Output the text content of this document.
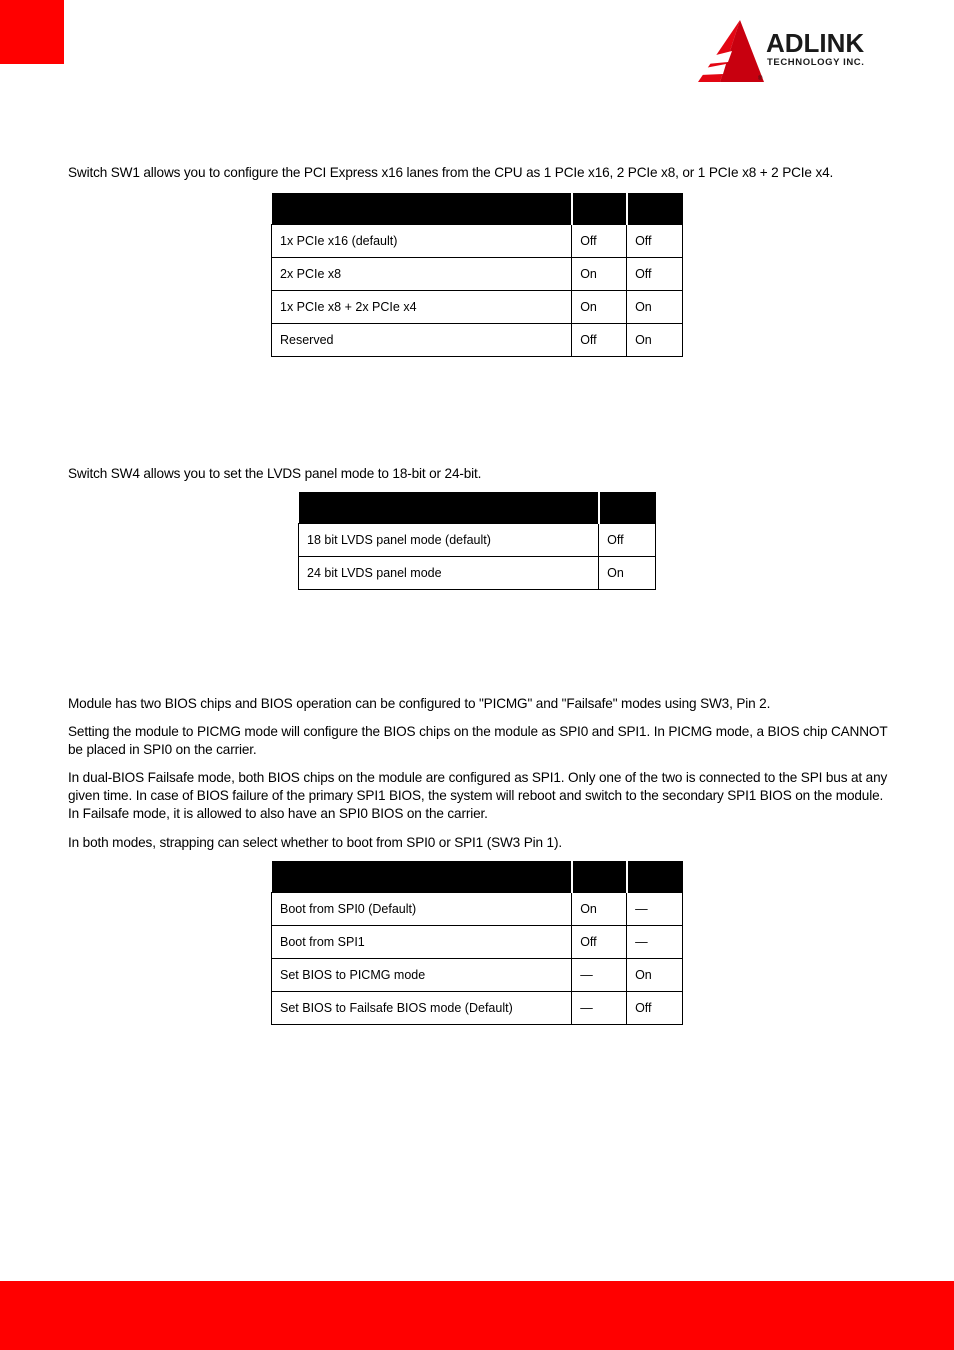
ADLINK
TECHNOLOGY INC.
®

Switch SW1 allows you to configure the PCI Express x16 lanes from the CPU as 1 PCIe x16, 2 PCIe x8, or 1 PCIe x8 + 2 PCIe x4.

1x PCIe x16 (default)	Off	Off
2x PCIe x8	On	Off
1x PCIe x8 + 2x PCIe x4	On	On
Reserved	Off	On

Switch SW4 allows you to set the LVDS panel mode to 18-bit or 24-bit.

18 bit LVDS panel mode (default)	Off
24 bit LVDS panel mode	On

Module has two BIOS chips and BIOS operation can be configured to "PICMG" and "Failsafe" modes using SW3, Pin 2.

Setting the module to PICMG mode will configure the BIOS chips on the module as SPI0 and SPI1. In PICMG mode, a BIOS chip CANNOT be placed in SPI0 on the carrier.

In dual-BIOS Failsafe mode, both BIOS chips on the module are configured as SPI1. Only one of the two is connected to the SPI bus at any given time. In case of BIOS failure of the primary SPI1 BIOS, the system will reboot and switch to the secondary SPI1 BIOS on the module. In Failsafe mode, it is allowed to also have an SPI0 BIOS on the carrier.

In both modes, strapping can select whether to boot from SPI0 or SPI1 (SW3 Pin 1).

Boot from SPI0 (Default)	On	—
Boot from SPI1	Off	—
Set BIOS to PICMG mode	—	On
Set BIOS to Failsafe BIOS mode (Default)	—	Off
